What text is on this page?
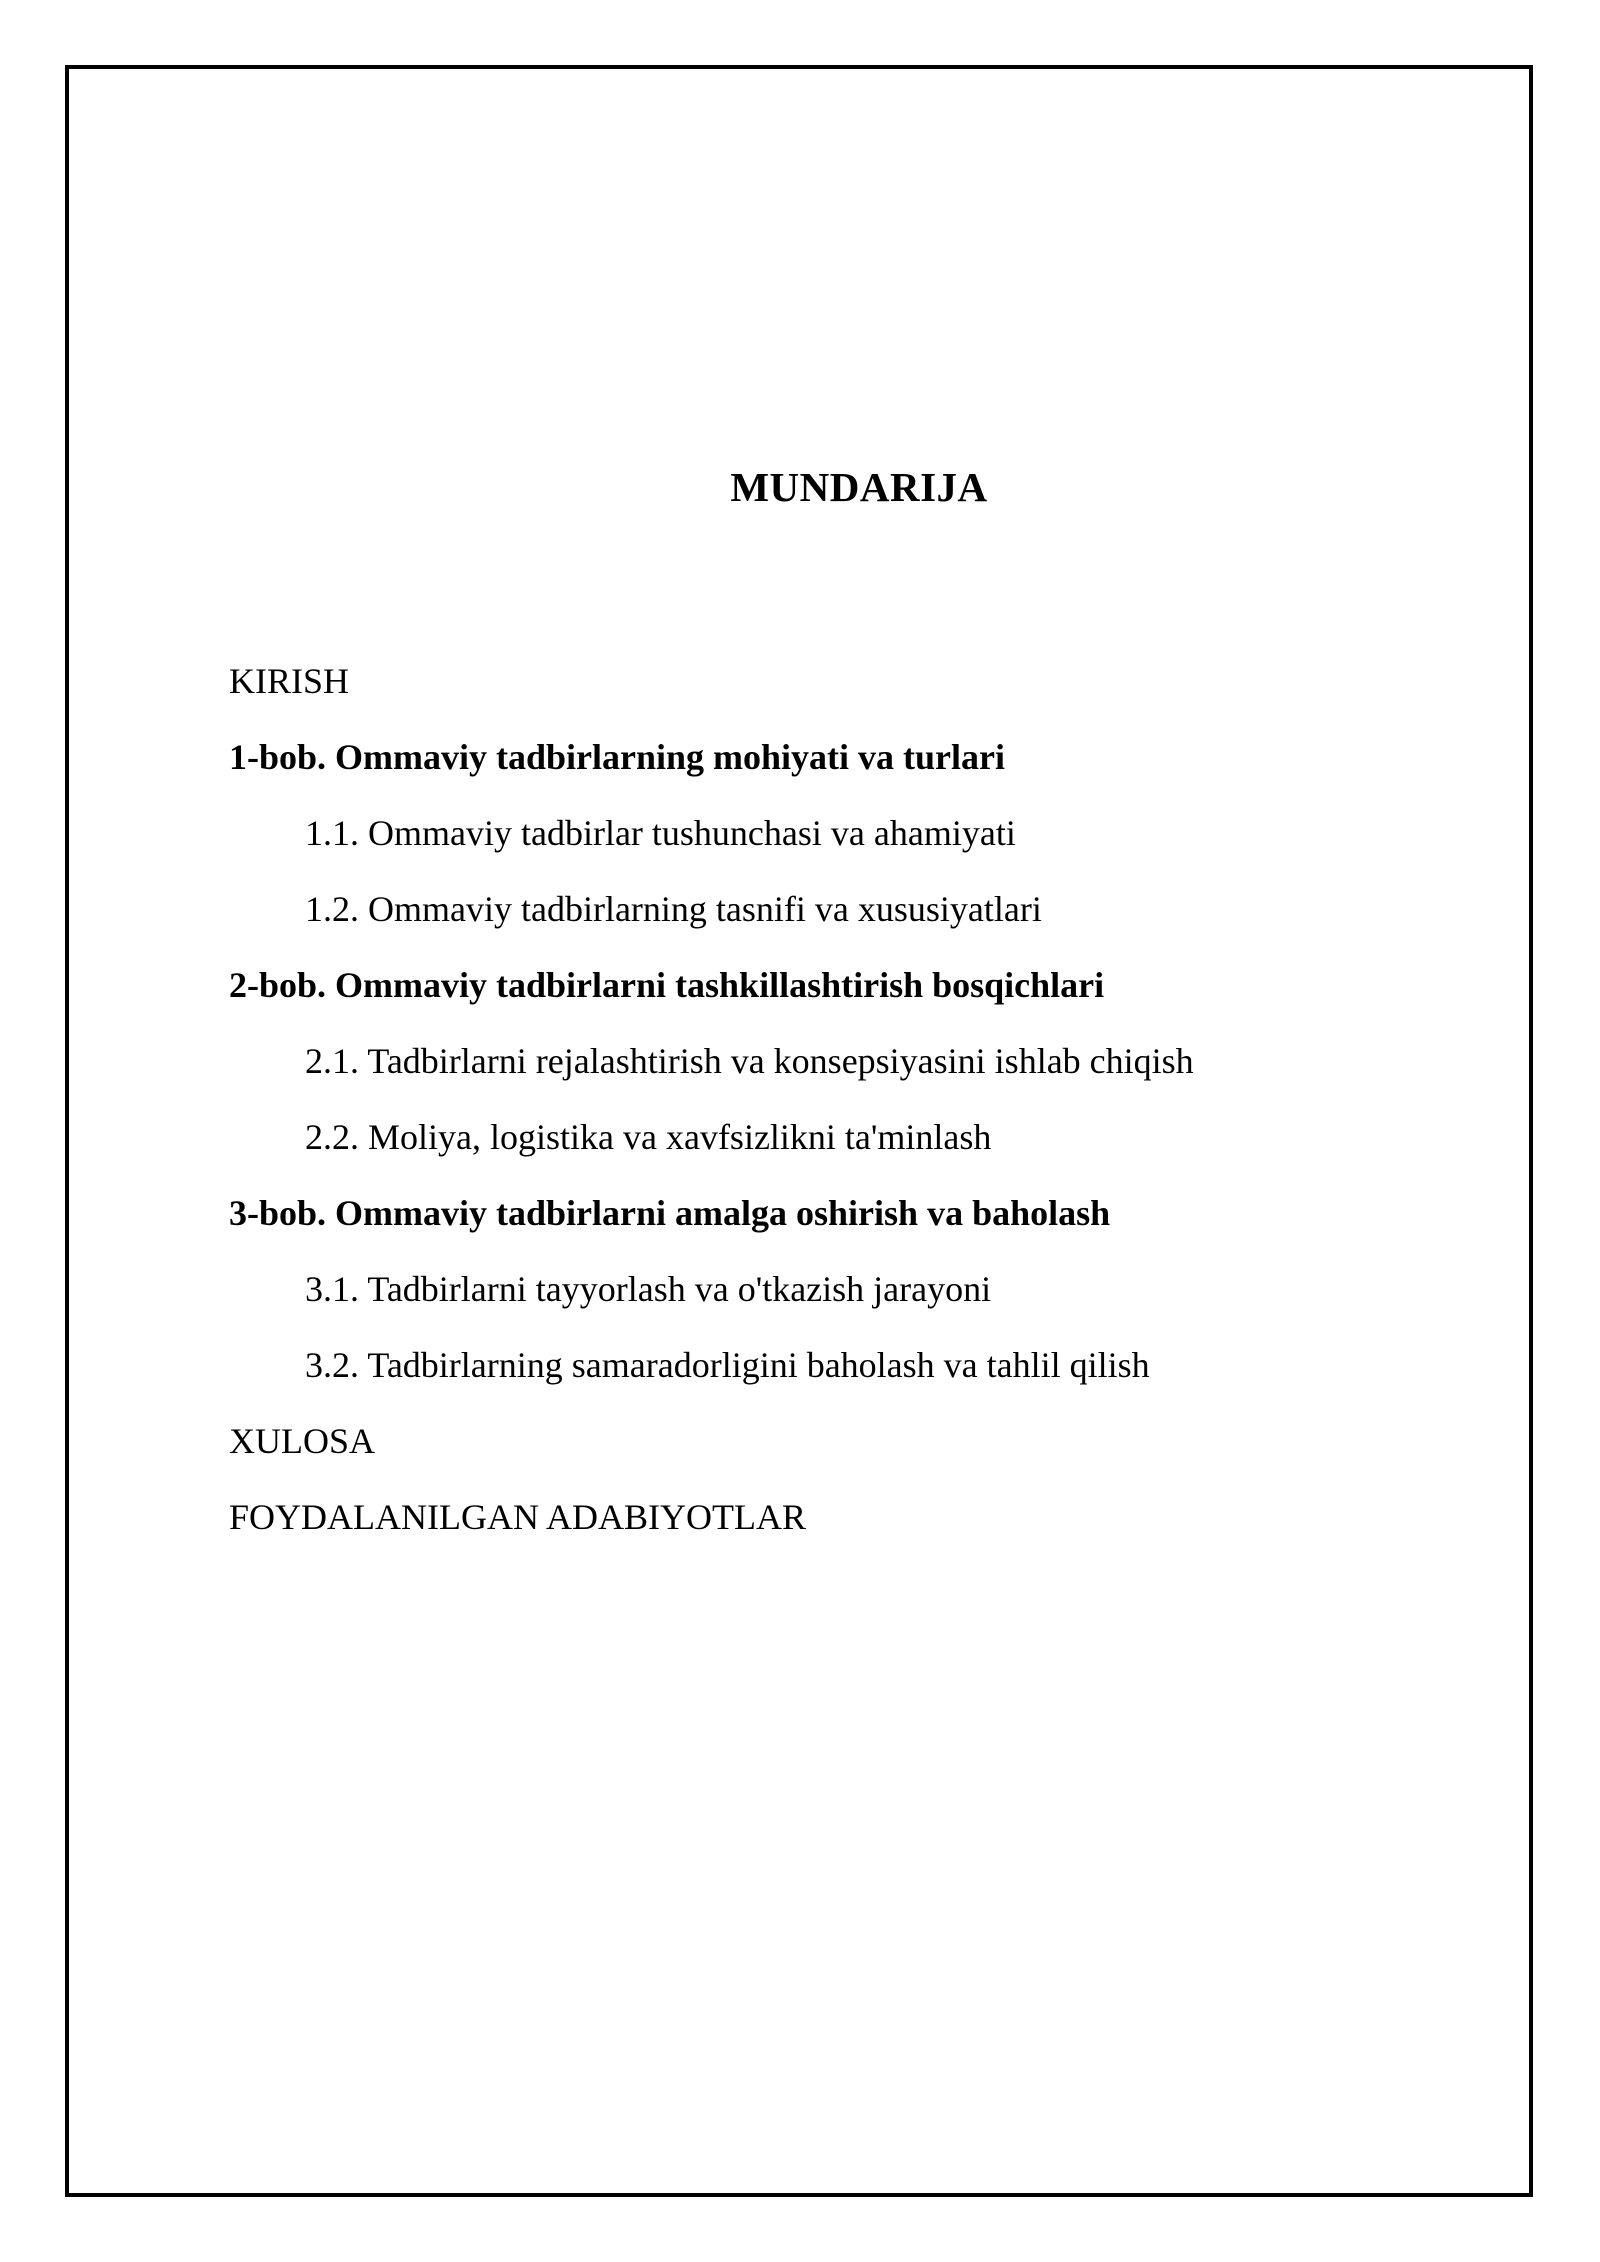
MUNDARIJA
KIRISH
1-bob. Ommaviy tadbirlarning mohiyati va turlari
1.1. Ommaviy tadbirlar tushunchasi va ahamiyati
1.2. Ommaviy tadbirlarning tasnifi va xususiyatlari
2-bob. Ommaviy tadbirlarni tashkillashtirish bosqichlari
2.1. Tadbirlarni rejalashtirish va konsepsiyasini ishlab chiqish
2.2. Moliya, logistika va xavfsizlikni ta'minlash
3-bob. Ommaviy tadbirlarni amalga oshirish va baholash
3.1. Tadbirlarni tayyorlash va o'tkazish jarayoni
3.2. Tadbirlarning samaradorligini baholash va tahlil qilish
XULOSA
FOYDALANILGAN ADABIYOTLAR
